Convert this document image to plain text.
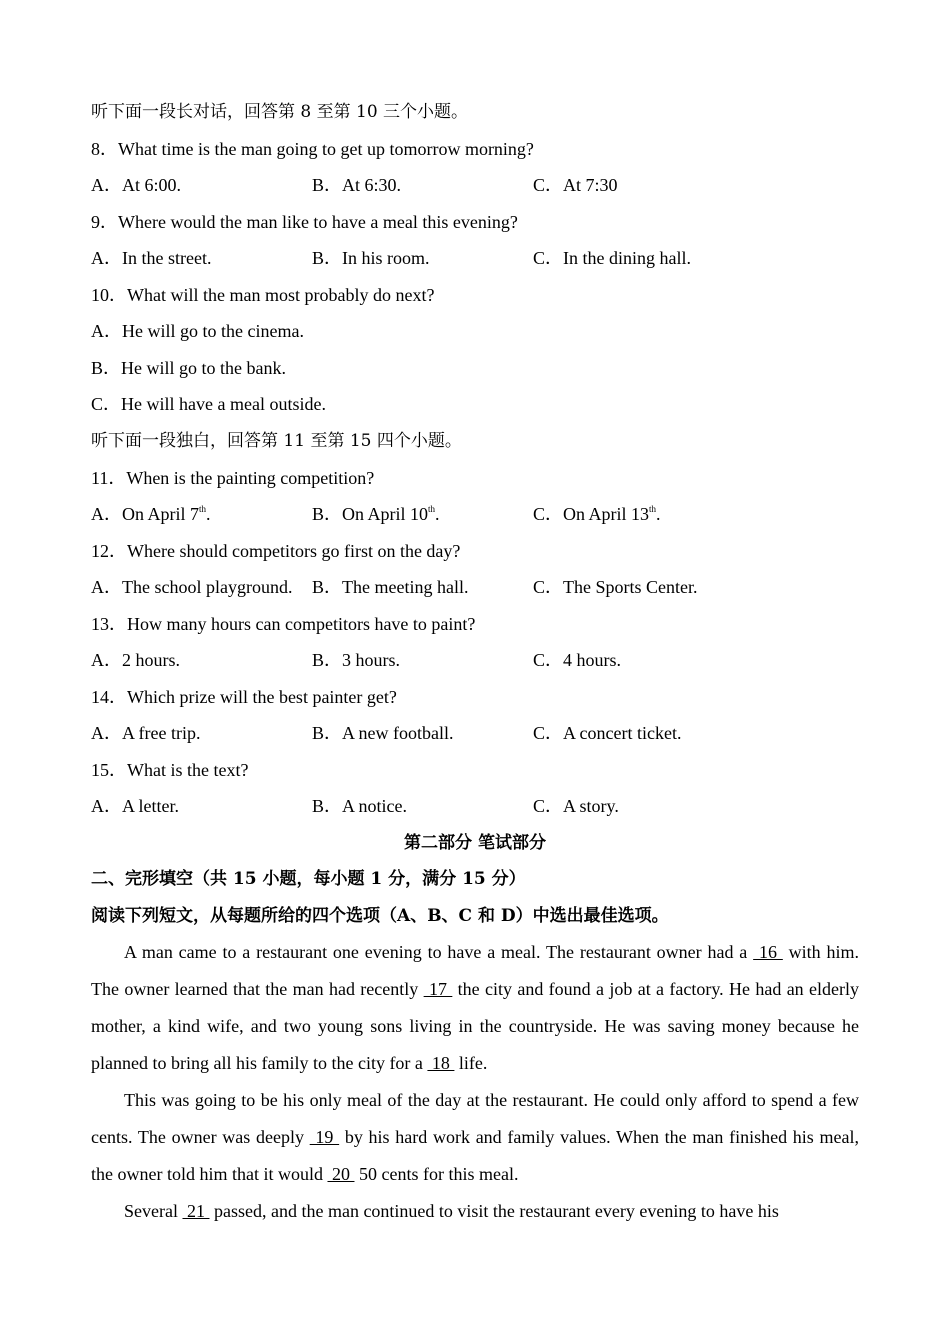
听下面一段长对话，回答第 8 至第 10 三个小题。
8．What time is the man going to get up tomorrow morning?
A．At 6:00.	B．At 6:30.	C．At 7:30
9．Where would the man like to have a meal this evening?
A．In the street.	B．In his room.	C．In the dining hall.
10．What will the man most probably do next?
A．He will go to the cinema.
B．He will go to the bank.
C．He will have a meal outside.
听下面一段独白，回答第 11 至第 15 四个小题。
11．When is the painting competition?
A．On April 7th.	B．On April 10th.	C．On April 13th.
12．Where should competitors go first on the day?
A．The school playground. B．The meeting hall.	C．The Sports Center.
13．How many hours can competitors have to paint?
A．2 hours.	B．3 hours.	C．4 hours.
14．Which prize will the best painter get?
A．A free trip.	B．A new football.	C．A concert ticket.
15．What is the text?
A．A letter.	B．A notice.	C．A story.
第二部分 笔试部分
二、完形填空（共 15 小题，每小题 1 分，满分 15 分）
阅读下列短文，从每题所给的四个选项（A、B、C 和 D）中选出最佳选项。
A man came to a restaurant one evening to have a meal. The restaurant owner had a  16  with him. The owner learned that the man had recently  17  the city and found a job at a factory. He had an elderly mother, a kind wife, and two young sons living in the countryside. He was saving money because he planned to bring all his family to the city for a  18  life.
This was going to be his only meal of the day at the restaurant. He could only afford to spend a few cents. The owner was deeply  19  by his hard work and family values. When the man finished his meal, the owner told him that it would  20  50 cents for this meal.
Several  21  passed, and the man continued to visit the restaurant every evening to have his
